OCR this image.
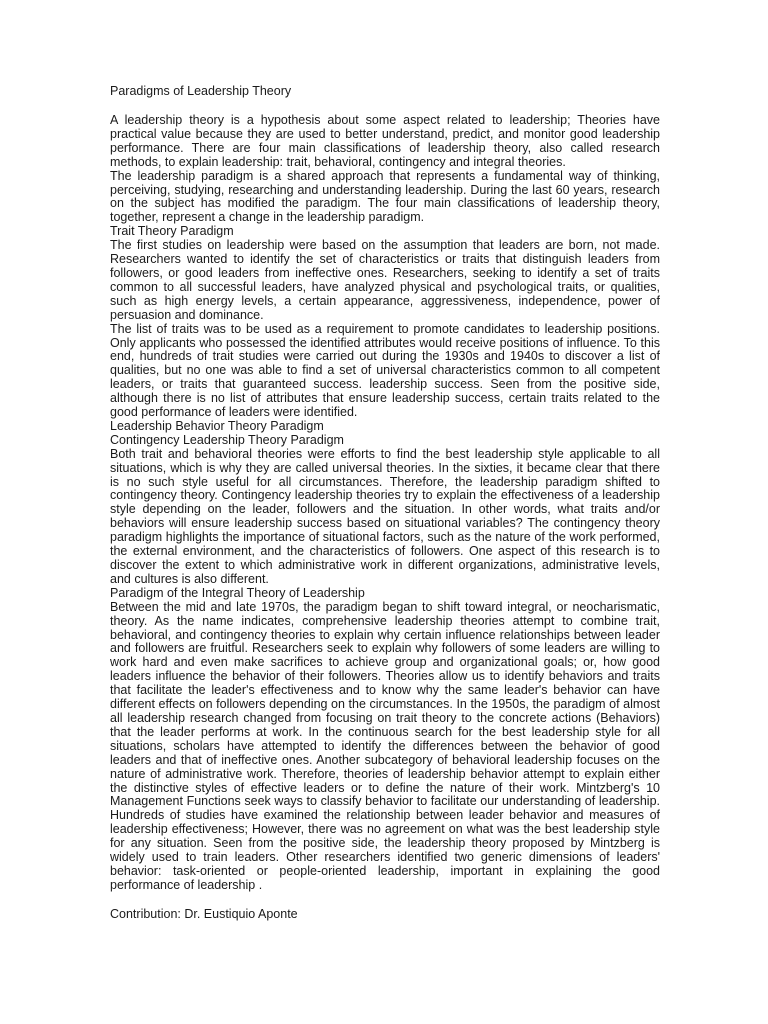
Paradigms of Leadership Theory

A leadership theory is a hypothesis about some aspect related to leadership; Theories have practical value because they are used to better understand, predict, and monitor good leadership performance. There are four main classifications of leadership theory, also called research methods, to explain leadership: trait, behavioral, contingency and integral theories.

The leadership paradigm is a shared approach that represents a fundamental way of thinking, perceiving, studying, researching and understanding leadership. During the last 60 years, research on the subject has modified the paradigm. The four main classifications of leadership theory, together, represent a change in the leadership paradigm.

Trait Theory Paradigm

The first studies on leadership were based on the assumption that leaders are born, not made. Researchers wanted to identify the set of characteristics or traits that distinguish leaders from followers, or good leaders from ineffective ones. Researchers, seeking to identify a set of traits common to all successful leaders, have analyzed physical and psychological traits, or qualities, such as high energy levels, a certain appearance, aggressiveness, independence, power of persuasion and dominance.

The list of traits was to be used as a requirement to promote candidates to leadership positions. Only applicants who possessed the identified attributes would receive positions of influence. To this end, hundreds of trait studies were carried out during the 1930s and 1940s to discover a list of qualities, but no one was able to find a set of universal characteristics common to all competent leaders, or traits that guaranteed success. leadership success. Seen from the positive side, although there is no list of attributes that ensure leadership success, certain traits related to the good performance of leaders were identified.

Leadership Behavior Theory Paradigm

Contingency Leadership Theory Paradigm

Both trait and behavioral theories were efforts to find the best leadership style applicable to all situations, which is why they are called universal theories. In the sixties, it became clear that there is no such style useful for all circumstances. Therefore, the leadership paradigm shifted to contingency theory. Contingency leadership theories try to explain the effectiveness of a leadership style depending on the leader, followers and the situation. In other words, what traits and/or behaviors will ensure leadership success based on situational variables? The contingency theory paradigm highlights the importance of situational factors, such as the nature of the work performed, the external environment, and the characteristics of followers. One aspect of this research is to discover the extent to which administrative work in different organizations, administrative levels, and cultures is also different.

Paradigm of the Integral Theory of Leadership

Between the mid and late 1970s, the paradigm began to shift toward integral, or neocharismatic, theory. As the name indicates, comprehensive leadership theories attempt to combine trait, behavioral, and contingency theories to explain why certain influence relationships between leader and followers are fruitful. Researchers seek to explain why followers of some leaders are willing to work hard and even make sacrifices to achieve group and organizational goals; or, how good leaders influence the behavior of their followers. Theories allow us to identify behaviors and traits that facilitate the leader's effectiveness and to know why the same leader's behavior can have different effects on followers depending on the circumstances. In the 1950s, the paradigm of almost all leadership research changed from focusing on trait theory to the concrete actions (Behaviors) that the leader performs at work. In the continuous search for the best leadership style for all situations, scholars have attempted to identify the differences between the behavior of good leaders and that of ineffective ones. Another subcategory of behavioral leadership focuses on the nature of administrative work. Therefore, theories of leadership behavior attempt to explain either the distinctive styles of effective leaders or to define the nature of their work. Mintzberg's 10 Management Functions seek ways to classify behavior to facilitate our understanding of leadership. Hundreds of studies have examined the relationship between leader behavior and measures of leadership effectiveness; However, there was no agreement on what was the best leadership style for any situation. Seen from the positive side, the leadership theory proposed by Mintzberg is widely used to train leaders. Other researchers identified two generic dimensions of leaders' behavior: task-oriented or people-oriented leadership, important in explaining the good performance of leadership .

Contribution: Dr. Eustiquio Aponte
